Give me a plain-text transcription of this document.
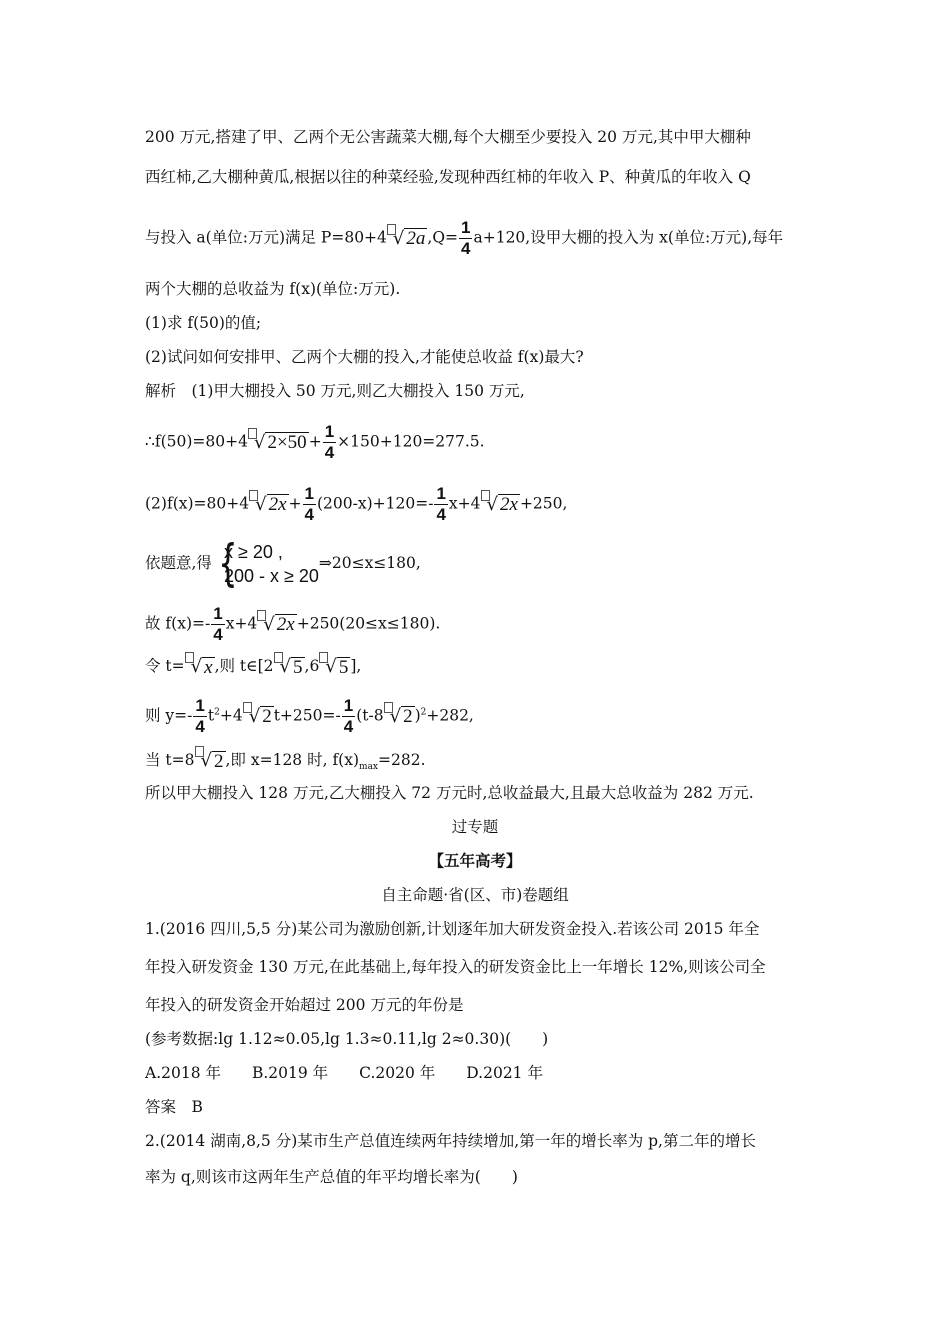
200 万元,搭建了甲、乙两个无公害蔬菜大棚,每个大棚至少要投入 20 万元,其中甲大棚种
西红柿,乙大棚种黄瓜,根据以往的种菜经验,发现种西红柿的年收入 P、种黄瓜的年收入 Q
与投入 a(单位:万元)满足 P=80+4 √ 2a $,Q= \frac{1}{4} a+120$,设甲大棚的投入为 x(单位:万元),每年
两个大棚的总收益为 f(x)(单位:万元).
(1)求 f(50)的值;
(2)试问如何安排甲、乙两个大棚的投入,才能使总收益 f(x)最大?
解析　(1)甲大棚投入 50 万元,则乙大棚投入 150 万元,
∴f(50)=80+4 √ $2\times 50 + \frac{1}{4} \times 150+120=277.5$.
(2)f(x)=80+4 √ $2x + \frac{1}{4} (200-x)+120=- \frac{1}{4} x+4$ √ 2x +250,
依题意,得 {
x ≥ 20 ,
200 - x ≥ 20
⇒20≤x≤180,
故 $f(x)=- \frac{1}{4} x+4$ √ 2x +250(20≤x≤180).
令 t= √ x ,则 t∈[2 √ 5 ,6 √ 5 ],
则 $y=- \frac{1}{4} t^2+4$ √ 2 $t+250=- \frac{1}{4} (t-8$ √ 2 )$^2$+282,
当 t=8 √ 2 ,即 x=128 时, $f(x)_{max}=282$.
所以甲大棚投入 128 万元,乙大棚投入 72 万元时,总收益最大,且最大总收益为 282 万元.
过专题
【五年高考】
自主命题·省(区、市)卷题组
1.(2016 四川,5,5 分)某公司为激励创新,计划逐年加大研发资金投入.若该公司 2015 年全
年投入研发资金 130 万元,在此基础上,每年投入的研发资金比上一年增长 12%,则该公司全
年投入的研发资金开始超过 200 万元的年份是
(参考数据:lg 1.12≈0.05,lg 1.3≈0.11,lg 2≈0.30)(　　)
A.2018 年　　B.2019 年　　C.2020 年　　D.2021 年
答案　B
2.(2014 湖南,8,5 分)某市生产总值连续两年持续增加,第一年的增长率为 p,第二年的增长
率为 q,则该市这两年生产总值的年平均增长率为(　　)
